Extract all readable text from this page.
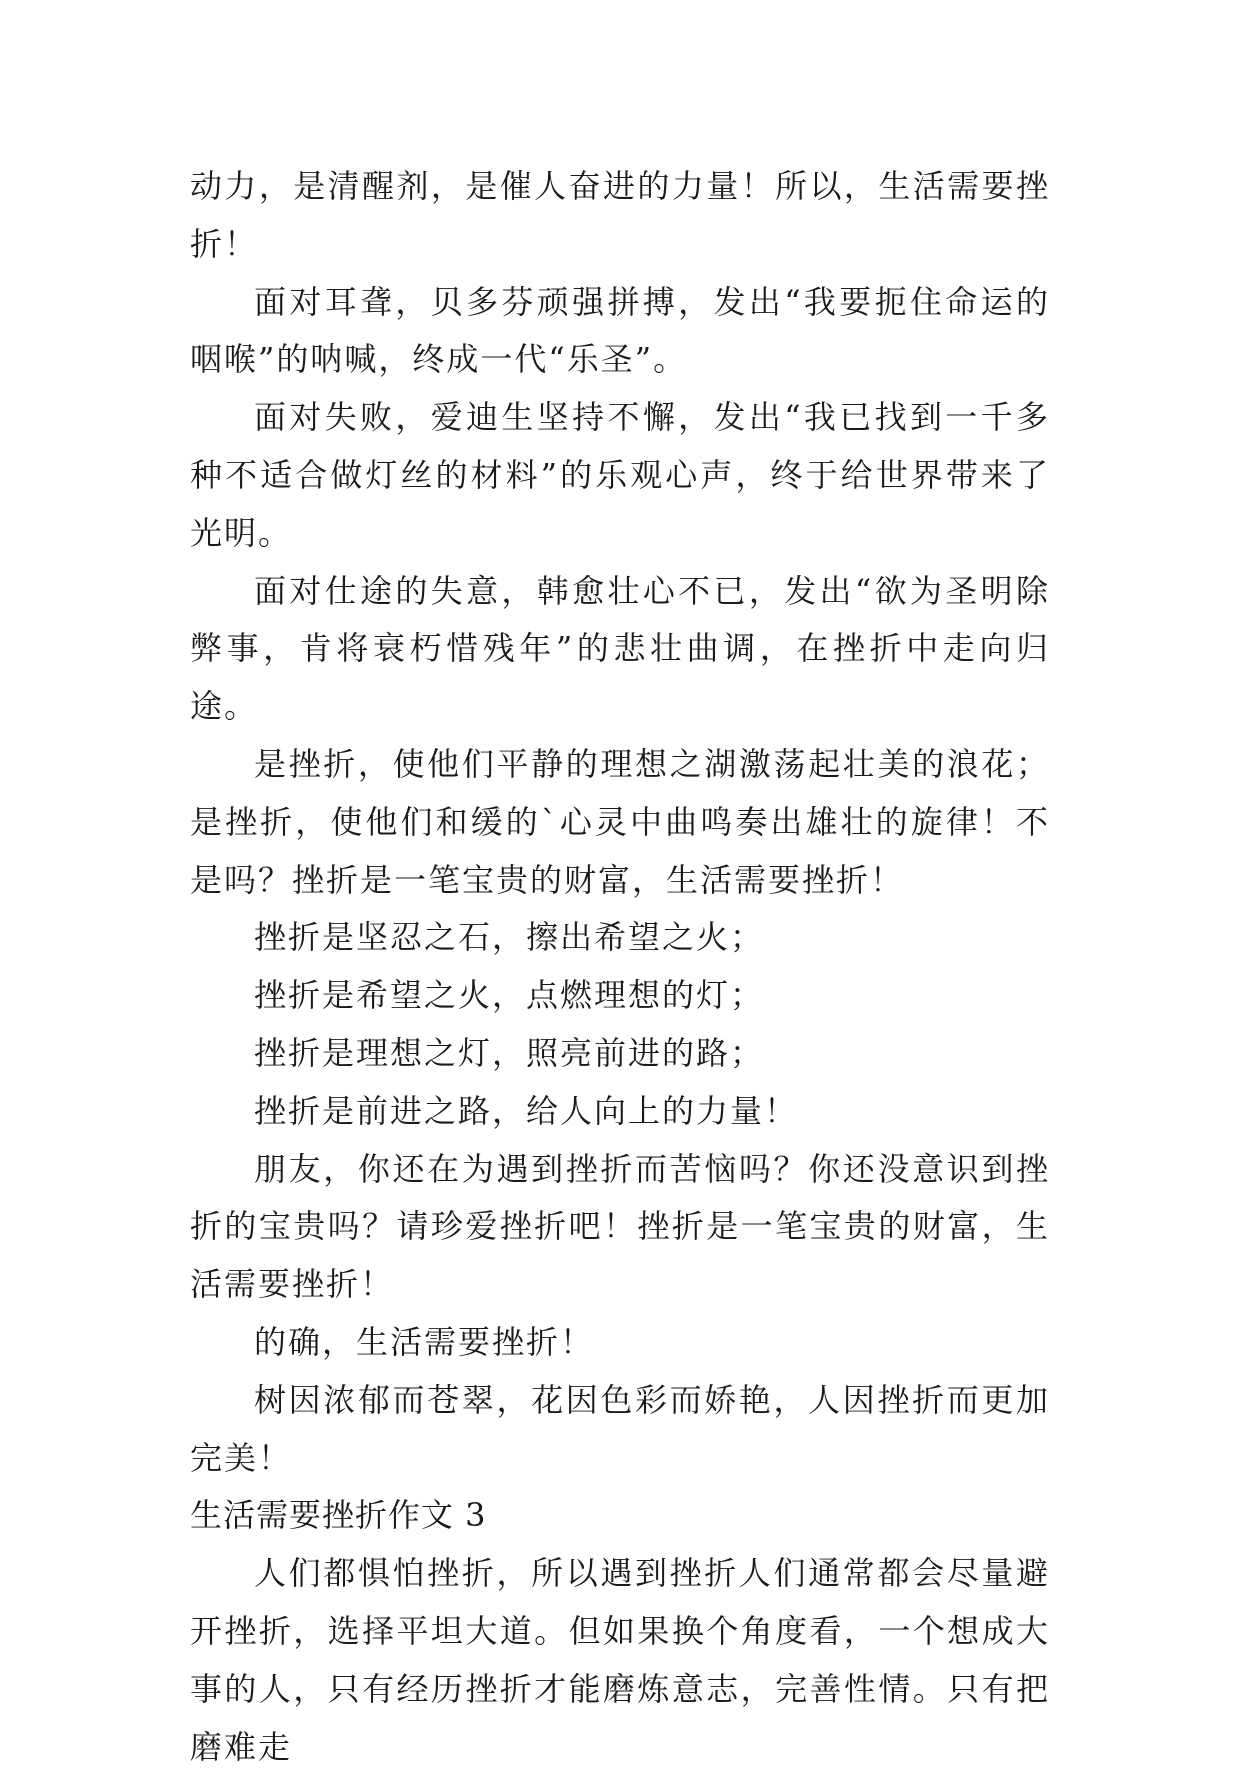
动力，是清醒剂，是催人奋进的力量！所以，生活需要挫折！

面对耳聋，贝多芬顽强拼搏，发出“我要扼住命运的咽喉”的呐喊，终成一代“乐圣”。

面对失败，爱迪生坚持不懈，发出“我已找到一千多种不适合做灯丝的材料”的乐观心声，终于给世界带来了光明。

面对仕途的失意，韩愈壮心不已，发出“欲为圣明除弊事，肯将衰朽惜残年”的悲壮曲调，在挫折中走向归途。

是挫折，使他们平静的理想之湖激荡起壮美的浪花；是挫折，使他们和缓的`心灵中曲鸣奏出雄壮的旋律！不是吗？挫折是一笔宝贵的财富，生活需要挫折！

挫折是坚忍之石，擦出希望之火；

挫折是希望之火，点燃理想的灯；

挫折是理想之灯，照亮前进的路；

挫折是前进之路，给人向上的力量！

朋友，你还在为遇到挫折而苦恼吗？你还没意识到挫折的宝贵吗？请珍爱挫折吧！挫折是一笔宝贵的财富，生活需要挫折！

的确，生活需要挫折！

树因浓郁而苍翠，花因色彩而娇艳，人因挫折而更加完美！

生活需要挫折作文 3

人们都惧怕挫折，所以遇到挫折人们通常都会尽量避开挫折，选择平坦大道。但如果换个角度看，一个想成大事的人，只有经历挫折才能磨炼意志，完善性情。只有把磨难走
